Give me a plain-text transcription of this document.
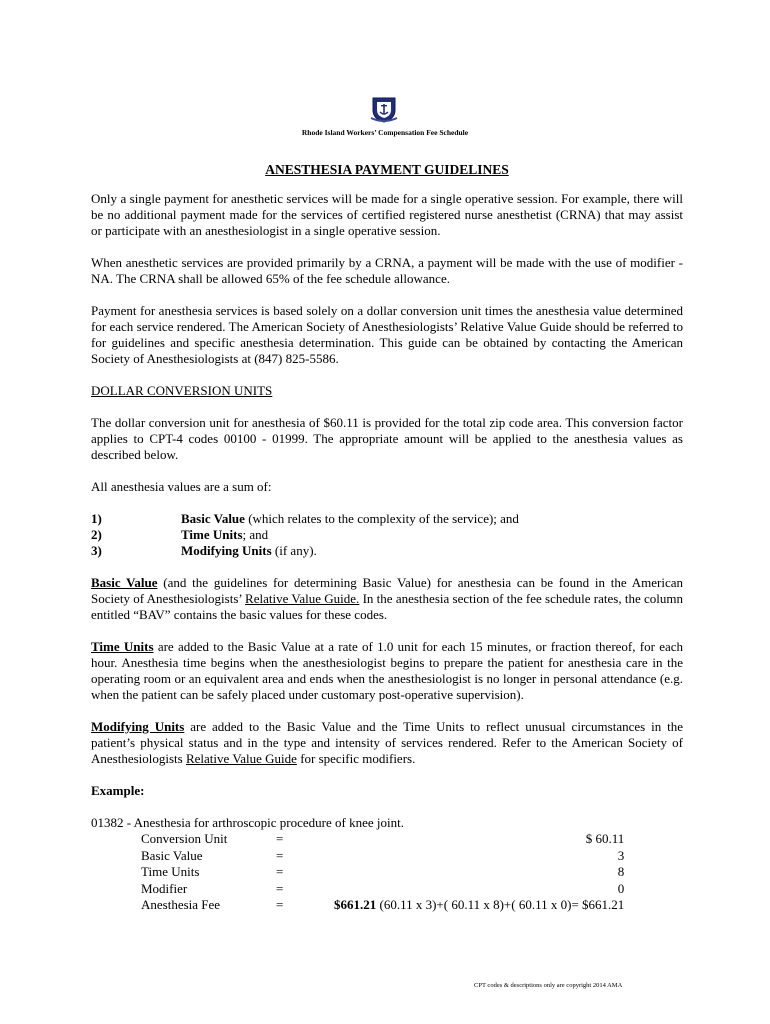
Rhode Island Workers’ Compensation Fee Schedule
ANESTHESIA PAYMENT GUIDELINES

Only a single payment for anesthetic services will be made for a single operative session. For example, there will be no additional payment made for the services of certified registered nurse anesthetist (CRNA) that may assist or participate with an anesthesiologist in a single operative session.

When anesthetic services are provided primarily by a CRNA, a payment will be made with the use of modifier -NA. The CRNA shall be allowed 65% of the fee schedule allowance.

Payment for anesthesia services is based solely on a dollar conversion unit times the anesthesia value determined for each service rendered. The American Society of Anesthesiologists’ Relative Value Guide should be referred to for guidelines and specific anesthesia determination. This guide can be obtained by contacting the American Society of Anesthesiologists at (847) 825-5586.

DOLLAR CONVERSION UNITS

The dollar conversion unit for anesthesia of $60.11 is provided for the total zip code area. This conversion factor applies to CPT-4 codes 00100 - 01999. The appropriate amount will be applied to the anesthesia values as described below.

All anesthesia values are a sum of:

1)	Basic Value (which relates to the complexity of the service); and
2)	Time Units; and
3)	Modifying Units (if any).

Basic Value (and the guidelines for determining Basic Value) for anesthesia can be found in the American Society of Anesthesiologists’ Relative Value Guide. In the anesthesia section of the fee schedule rates, the column entitled “BAV” contains the basic values for these codes.

Time Units are added to the Basic Value at a rate of 1.0 unit for each 15 minutes, or fraction thereof, for each hour. Anesthesia time begins when the anesthesiologist begins to prepare the patient for anesthesia care in the operating room or an equivalent area and ends when the anesthesiologist is no longer in personal attendance (e.g. when the patient can be safely placed under customary post-operative supervision).

Modifying Units are added to the Basic Value and the Time Units to reflect unusual circumstances in the patient’s physical status and in the type and intensity of services rendered. Refer to the American Society of Anesthesiologists Relative Value Guide for specific modifiers.

Example:
01382 - Anesthesia for arthroscopic procedure of knee joint.
Conversion Unit	=	$ 60.11
Basic Value	=	3
Time Units	=	8
Modifier	=	0
Anesthesia Fee	=	$661.21 (60.11 x 3)+( 60.11 x 8)+( 60.11 x 0)= $661.21
CPT codes & descriptions only are copyright 2014 AMA
